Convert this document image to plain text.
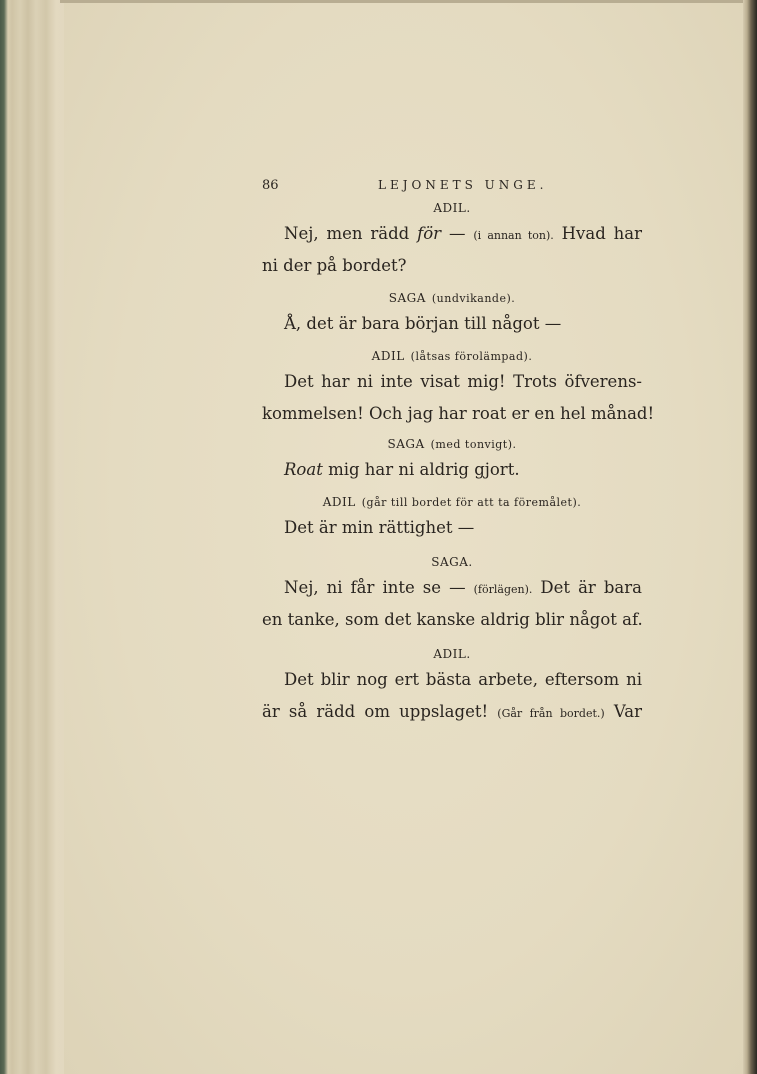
86	LEJONETS UNGE.
ADIL.
Nej, men rädd för — (i annan ton). Hvad har
ni der på bordet?
SAGA (undvikande).
Å, det är bara början till något —
ADIL (låtsas förolämpad).
Det har ni inte visat mig! Trots öfverens-
kommelsen! Och jag har roat er en hel månad!
SAGA (med tonvigt).
Roat mig har ni aldrig gjort.
ADIL (går till bordet för att ta föremålet).
Det är min rättighet —
SAGA.
Nej, ni får inte se — (förlägen). Det är bara
en tanke, som det kanske aldrig blir något af.
ADIL.
Det blir nog ert bästa arbete, eftersom ni
är så rädd om uppslaget! (Går från bordet.) Var
